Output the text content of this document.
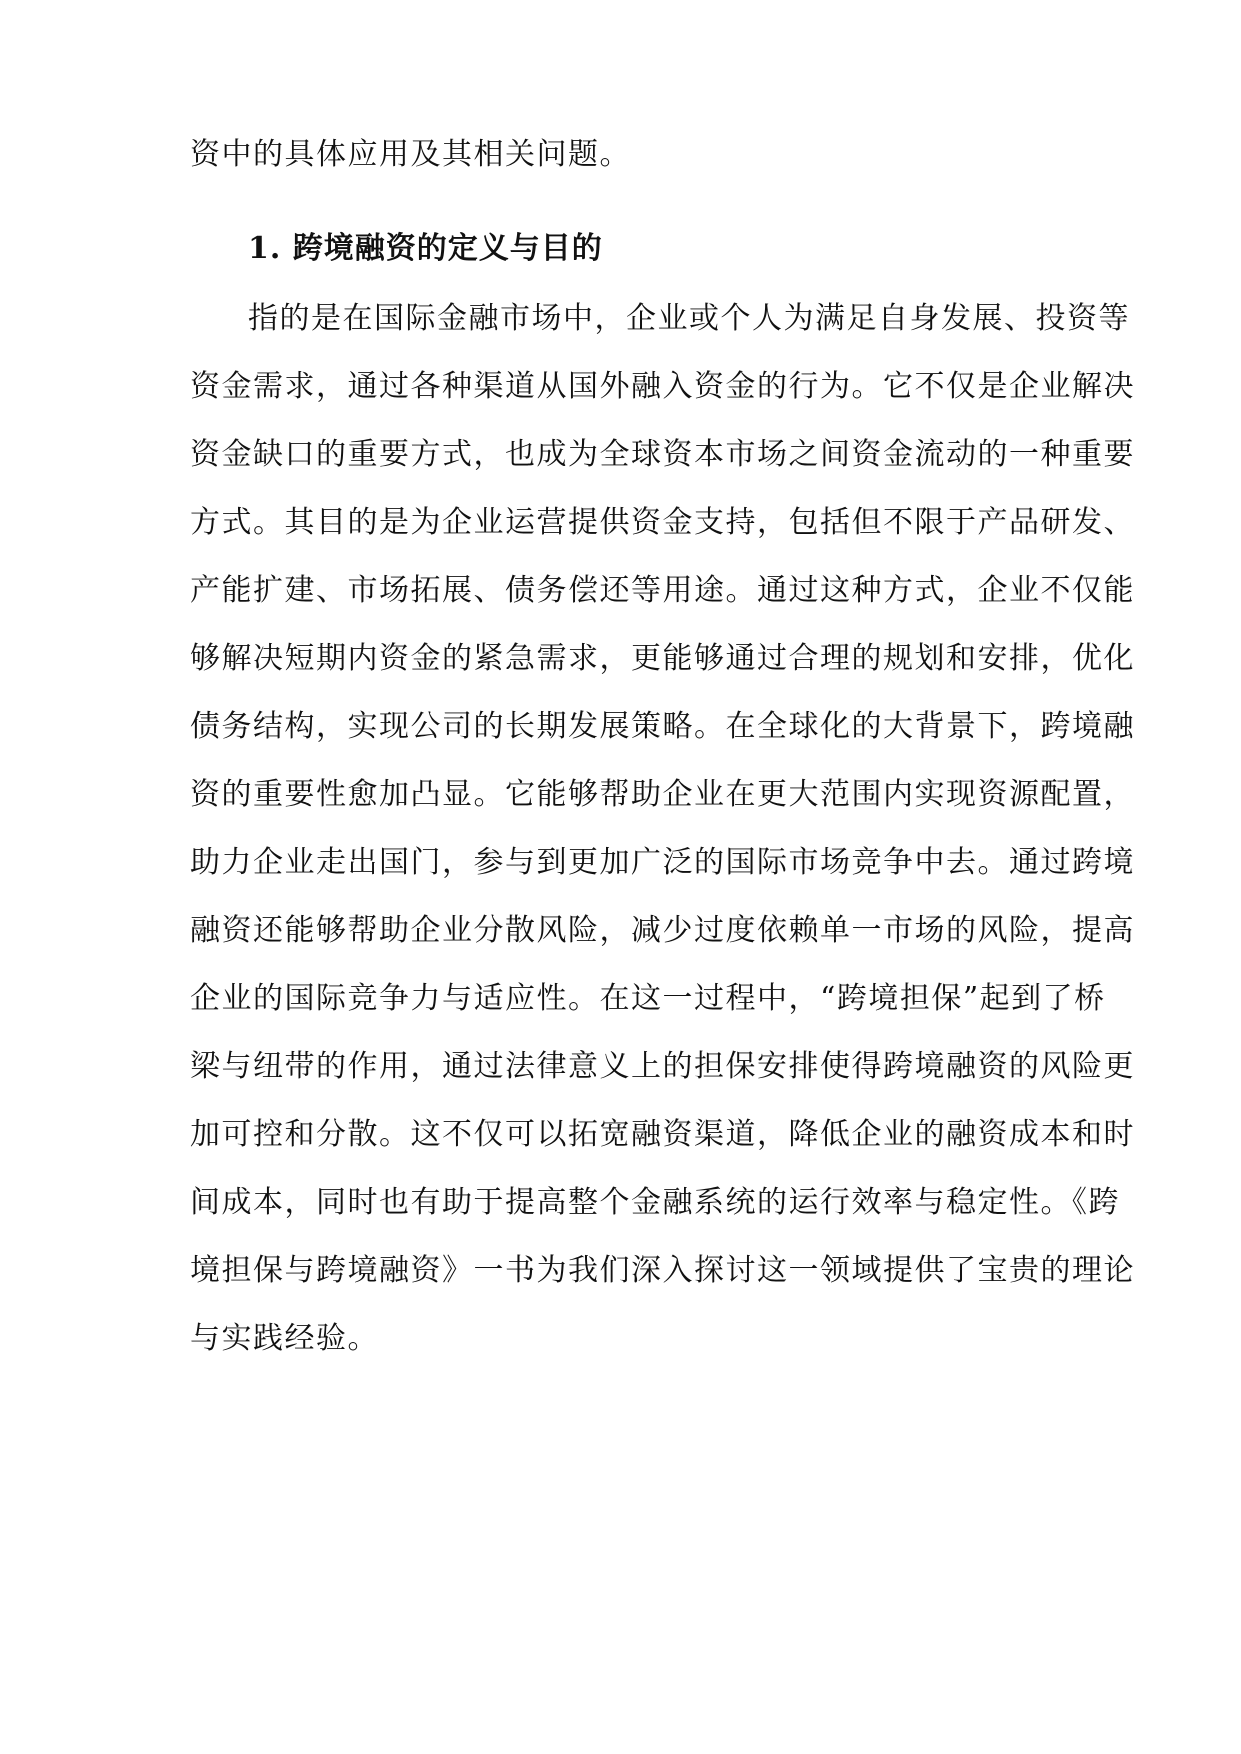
资中的具体应用及其相关问题。
1. 跨境融资的定义与目的
指的是在国际金融市场中，企业或个人为满足自身发展、投资等
资金需求，通过各种渠道从国外融入资金的行为。它不仅是企业解决
资金缺口的重要方式，也成为全球资本市场之间资金流动的一种重要
方式。其目的是为企业运营提供资金支持，包括但不限于产品研发、
产能扩建、市场拓展、债务偿还等用途。通过这种方式，企业不仅能
够解决短期内资金的紧急需求，更能够通过合理的规划和安排，优化
债务结构，实现公司的长期发展策略。在全球化的大背景下，跨境融
资的重要性愈加凸显。它能够帮助企业在更大范围内实现资源配置，
助力企业走出国门，参与到更加广泛的国际市场竞争中去。通过跨境
融资还能够帮助企业分散风险，减少过度依赖单一市场的风险，提高
企业的国际竞争力与适应性。在这一过程中，“跨境担保”起到了桥
梁与纽带的作用，通过法律意义上的担保安排使得跨境融资的风险更
加可控和分散。这不仅可以拓宽融资渠道，降低企业的融资成本和时
间成本，同时也有助于提高整个金融系统的运行效率与稳定性。《跨
境担保与跨境融资》一书为我们深入探讨这一领域提供了宝贵的理论
与实践经验。
